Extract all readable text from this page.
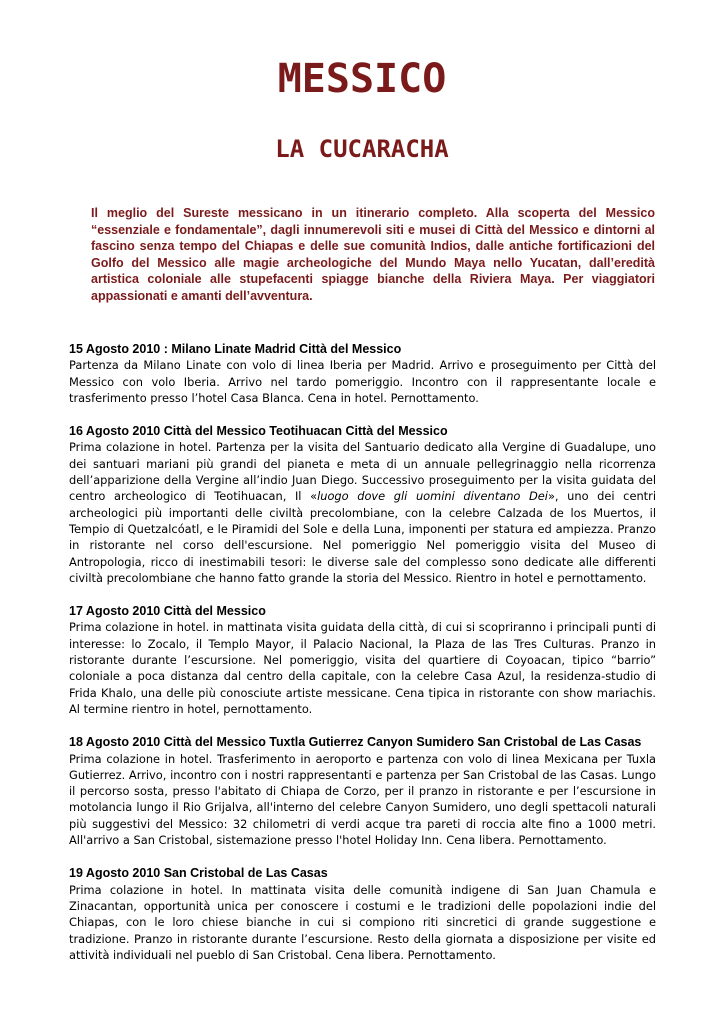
MESSICO
LA CUCARACHA

Il meglio del Sureste messicano in un itinerario completo. Alla scoperta del Messico “essenziale e fondamentale”, dagli innumerevoli siti e musei di Città del Messico e dintorni al fascino senza tempo del Chiapas e delle sue comunità Indios, dalle antiche fortificazioni del Golfo del Messico alle magie archeologiche del Mundo Maya nello Yucatan, dall’eredità artistica coloniale alle stupefacenti spiagge bianche della Riviera Maya. Per viaggiatori appassionati e amanti dell’avventura.

15 Agosto 2010 : Milano Linate Madrid Città del Messico

Partenza da Milano Linate con volo di linea Iberia per Madrid. Arrivo e proseguimento per Città del Messico con volo Iberia. Arrivo nel tardo pomeriggio. Incontro con il rappresentante locale e trasferimento presso l’hotel Casa Blanca. Cena in hotel. Pernottamento.

16 Agosto 2010 Città del Messico Teotihuacan Città del Messico

Prima colazione in hotel. Partenza per la visita del Santuario dedicato alla Vergine di Guadalupe, uno dei santuari mariani più grandi del pianeta e meta di un annuale pellegrinaggio nella ricorrenza dell’apparizione della Vergine all’indio Juan Diego. Successivo proseguimento per la visita guidata del centro archeologico di Teotihuacan, Il «luogo dove gli uomini diventano Dei», uno dei centri archeologici più importanti delle civiltà precolombiane, con la celebre Calzada de los Muertos, il Tempio di Quetzalcóatl, e le Piramidi del Sole e della Luna, imponenti per statura ed ampiezza. Pranzo in ristorante nel corso dell'escursione. Nel pomeriggio Nel pomeriggio visita del Museo di Antropologia, ricco di inestimabili tesori: le diverse sale del complesso sono dedicate alle differenti civiltà precolombiane che hanno fatto grande la storia del Messico. Rientro in hotel e pernottamento.

17 Agosto 2010 Città del Messico

Prima colazione in hotel. in mattinata visita guidata della città, di cui si scopriranno i principali punti di interesse: lo Zocalo, il Templo Mayor, il Palacio Nacional, la Plaza de las Tres Culturas. Pranzo in ristorante durante l’escursione. Nel pomeriggio, visita del quartiere di Coyoacan, tipico “barrio” coloniale a poca distanza dal centro della capitale, con la celebre Casa Azul, la residenza-studio di Frida Khalo, una delle più conosciute artiste messicane. Cena tipica in ristorante con show mariachis. Al termine rientro in hotel, pernottamento.

18 Agosto 2010 Città del Messico Tuxtla Gutierrez Canyon Sumidero San Cristobal de Las Casas

Prima colazione in hotel. Trasferimento in aeroporto e partenza con volo di linea Mexicana per Tuxla Gutierrez. Arrivo, incontro con i nostri rappresentanti e partenza per San Cristobal de las Casas. Lungo il percorso sosta, presso l'abitato di Chiapa de Corzo, per il pranzo in ristorante e per l’escursione in motolancia lungo il Rio Grijalva, all'interno del celebre Canyon Sumidero, uno degli spettacoli naturali più suggestivi del Messico: 32 chilometri di verdi acque tra pareti di roccia alte fino a 1000 metri. All'arrivo a San Cristobal, sistemazione presso l'hotel Holiday Inn. Cena libera. Pernottamento.

19 Agosto 2010 San Cristobal de Las Casas

Prima colazione in hotel. In mattinata visita delle comunità indigene di San Juan Chamula e Zinacantan, opportunità unica per conoscere i costumi e le tradizioni delle popolazioni indie del Chiapas, con le loro chiese bianche in cui si compiono riti sincretici di grande suggestione e tradizione. Pranzo in ristorante durante l’escursione. Resto della giornata a disposizione per visite ed attività individuali nel pueblo di San Cristobal. Cena libera. Pernottamento.
